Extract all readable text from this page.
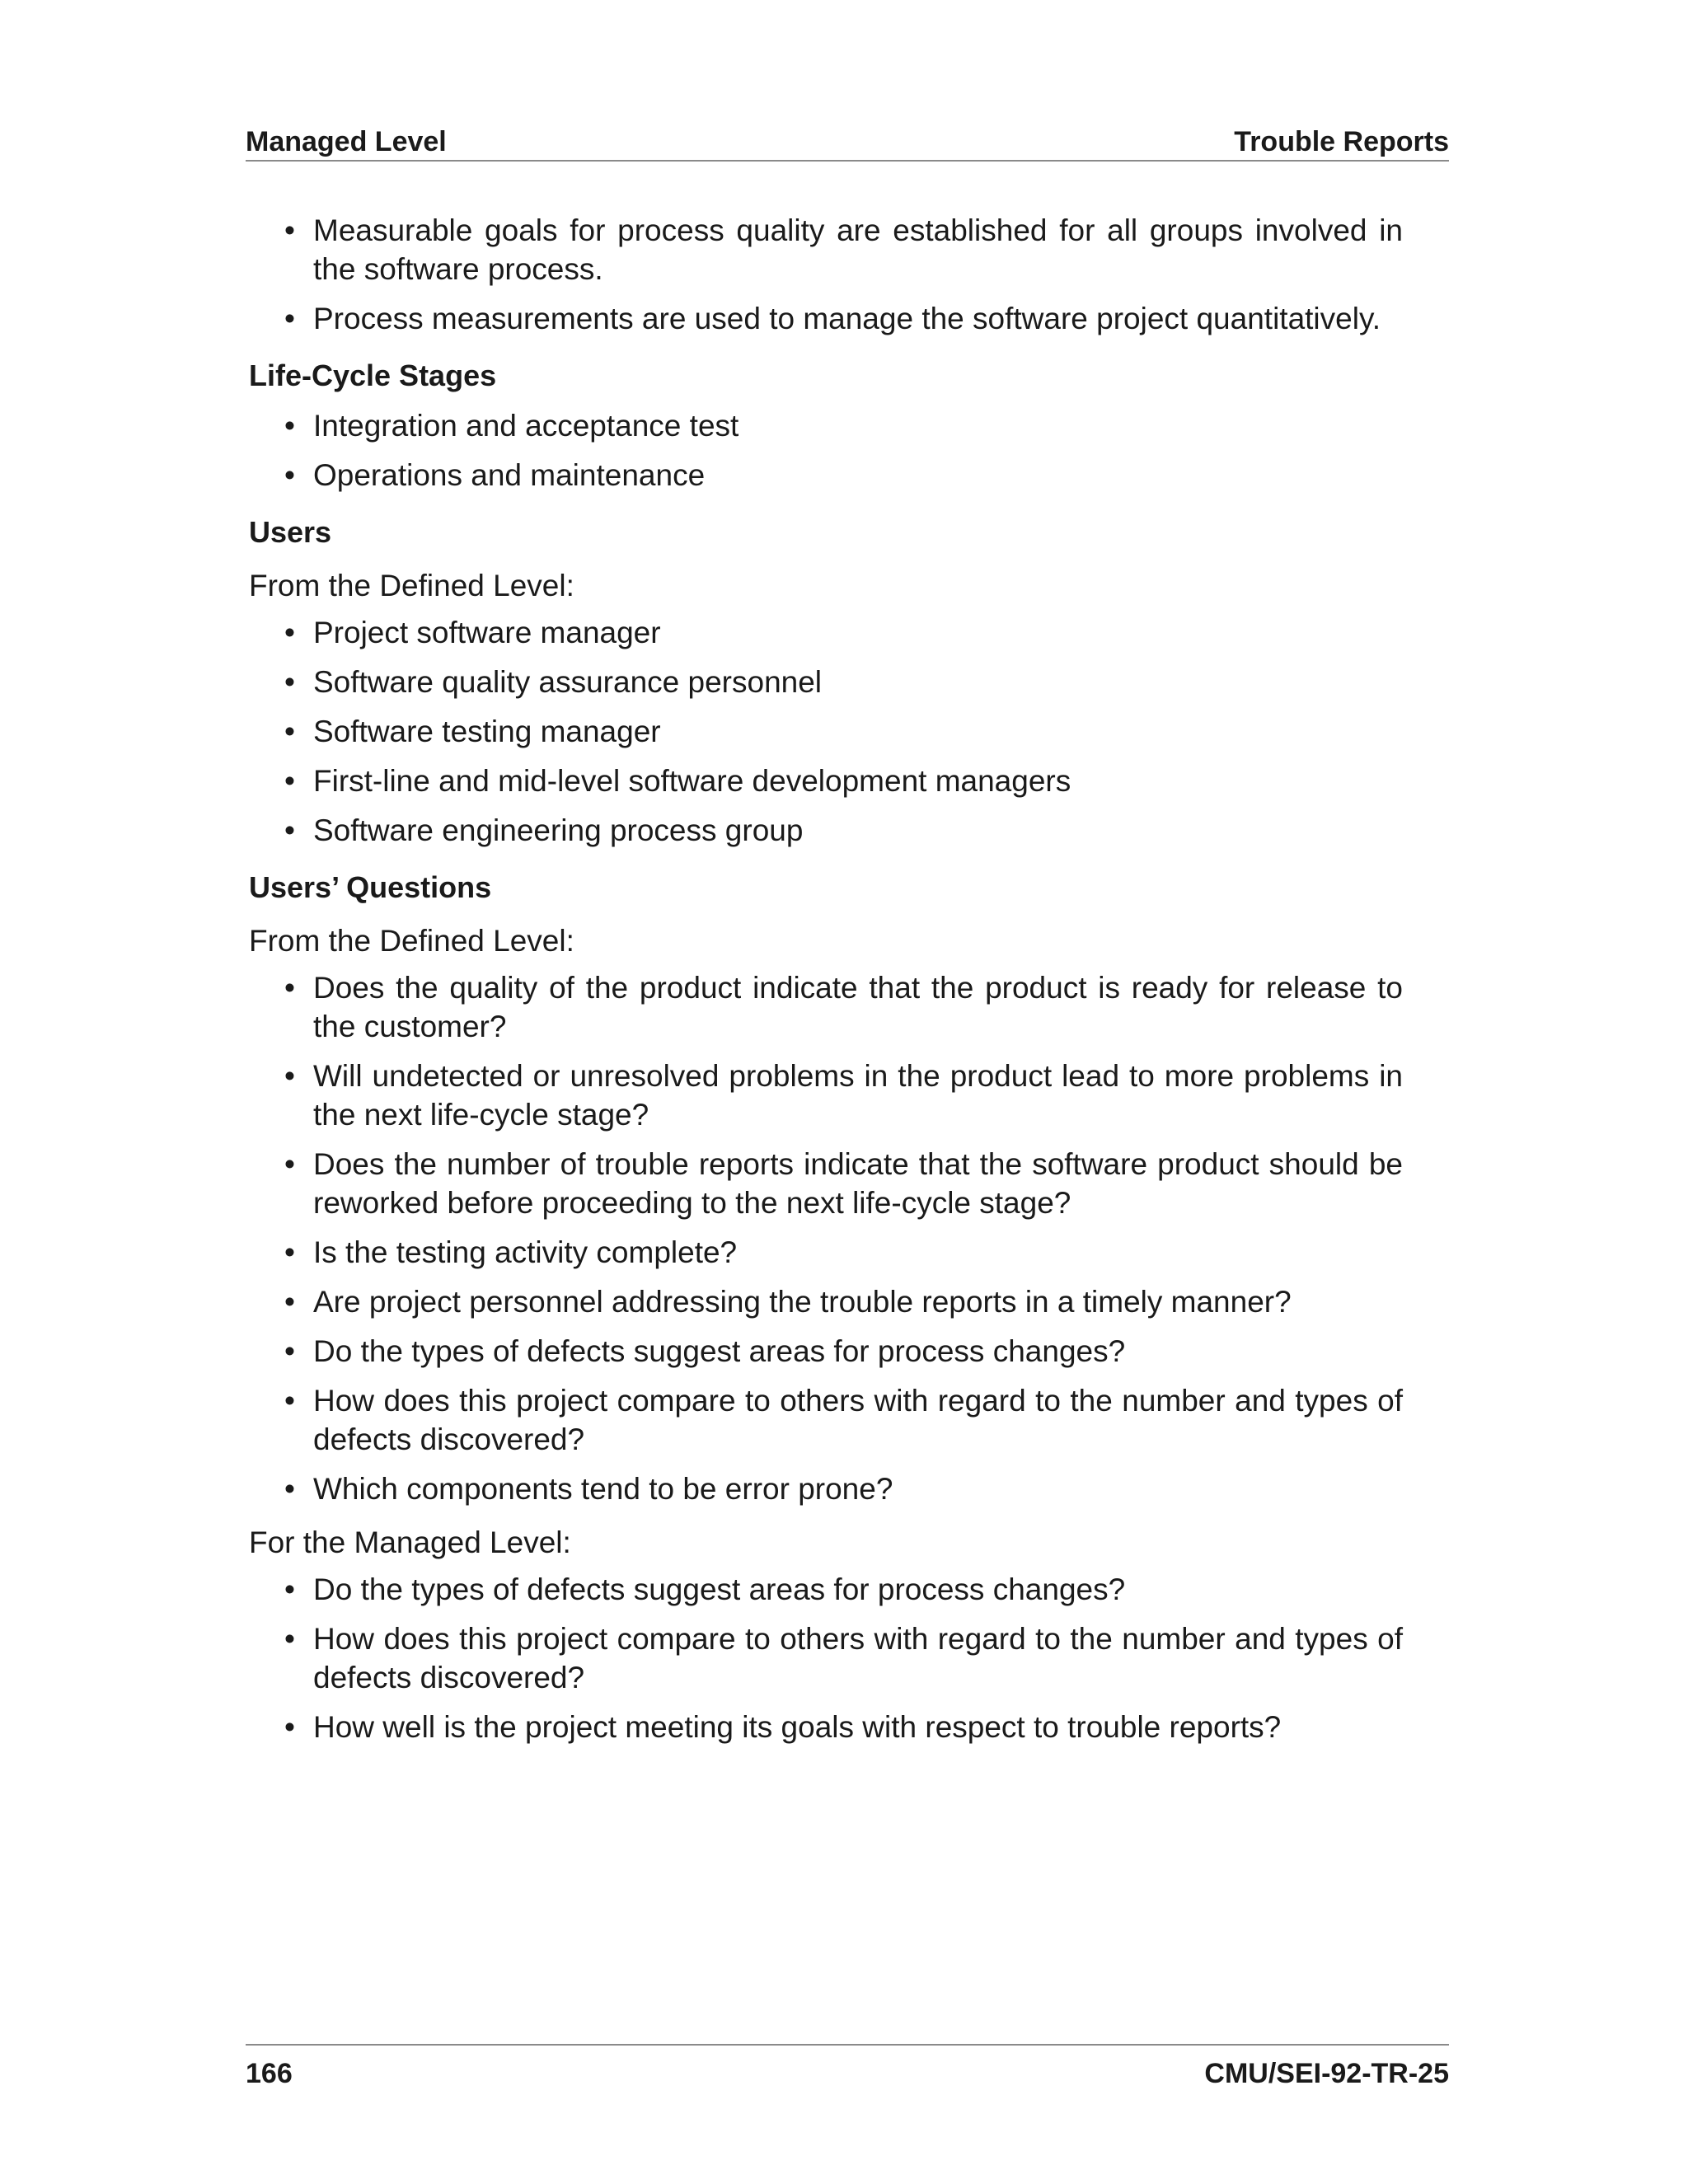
Managed Level	Trouble Reports
• Measurable goals for process quality are established for all groups involved in the software process.
• Process measurements are used to manage the software project quantitatively.
Life-Cycle Stages
• Integration and acceptance test
• Operations and maintenance
Users
From the Defined Level:
• Project software manager
• Software quality assurance personnel
• Software testing manager
• First-line and mid-level software development managers
• Software engineering process group
Users’ Questions
From the Defined Level:
• Does the quality of the product indicate that the product is ready for release to the customer?
• Will undetected or unresolved problems in the product lead to more problems in the next life-cycle stage?
• Does the number of trouble reports indicate that the software product should be reworked before proceeding to the next life-cycle stage?
• Is the testing activity complete?
• Are project personnel addressing the trouble reports in a timely manner?
• Do the types of defects suggest areas for process changes?
• How does this project compare to others with regard to the number and types of defects discovered?
• Which components tend to be error prone?
For the Managed Level:
• Do the types of defects suggest areas for process changes?
• How does this project compare to others with regard to the number and types of defects discovered?
• How well is the project meeting its goals with respect to trouble reports?
166	CMU/SEI-92-TR-25
